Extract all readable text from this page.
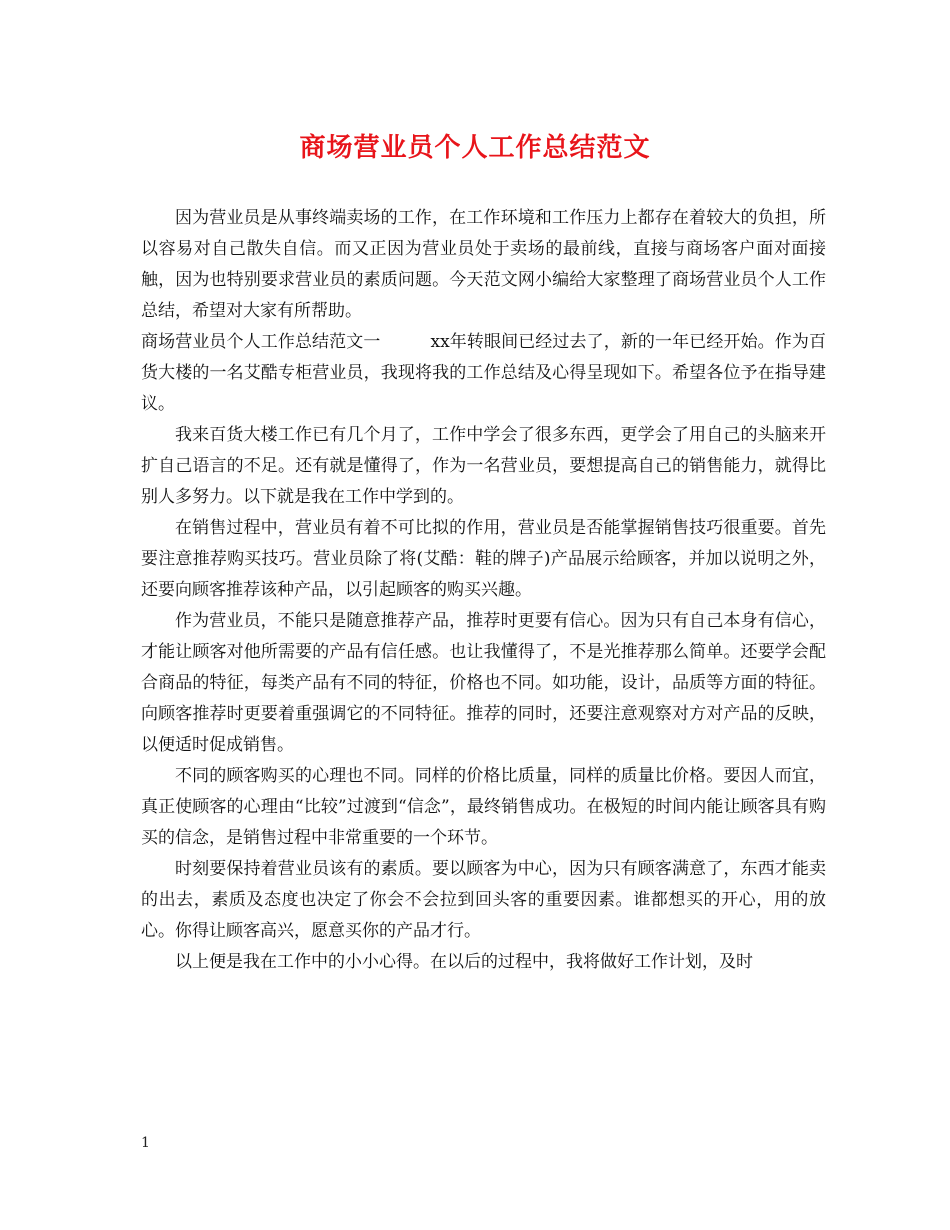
商场营业员个人工作总结范文

因为营业员是从事终端卖场的工作，在工作环境和工作压力上都存在着较大的负担，所以容易对自己散失自信。而又正因为营业员处于卖场的最前线，直接与商场客户面对面接触，因为也特别要求营业员的素质问题。今天范文网小编给大家整理了商场营业员个人工作总结，希望对大家有所帮助。

商场营业员个人工作总结范文一	xx年转眼间已经过去了，新的一年已经开始。作为百货大楼的一名艾酷专柜营业员，我现将我的工作总结及心得呈现如下。希望各位予在指导建议。

我来百货大楼工作已有几个月了，工作中学会了很多东西，更学会了用自己的头脑来开扩自己语言的不足。还有就是懂得了，作为一名营业员，要想提高自己的销售能力，就得比别人多努力。以下就是我在工作中学到的。

在销售过程中，营业员有着不可比拟的作用，营业员是否能掌握销售技巧很重要。首先要注意推荐购买技巧。营业员除了将(艾酷：鞋的牌子)产品展示给顾客，并加以说明之外，还要向顾客推荐该种产品，以引起顾客的购买兴趣。

作为营业员，不能只是随意推荐产品，推荐时更要有信心。因为只有自己本身有信心，才能让顾客对他所需要的产品有信任感。也让我懂得了，不是光推荐那么简单。还要学会配合商品的特征，每类产品有不同的特征，价格也不同。如功能，设计，品质等方面的特征。向顾客推荐时更要着重强调它的不同特征。推荐的同时，还要注意观察对方对产品的反映，以便适时促成销售。

不同的顾客购买的心理也不同。同样的价格比质量，同样的质量比价格。要因人而宜，真正使顾客的心理由“比较”过渡到“信念”，最终销售成功。在极短的时间内能让顾客具有购买的信念，是销售过程中非常重要的一个环节。

时刻要保持着营业员该有的素质。要以顾客为中心，因为只有顾客满意了，东西才能卖的出去，素质及态度也决定了你会不会拉到回头客的重要因素。谁都想买的开心，用的放心。你得让顾客高兴，愿意买你的产品才行。

以上便是我在工作中的小小心得。在以后的过程中，我将做好工作计划，及时

1
